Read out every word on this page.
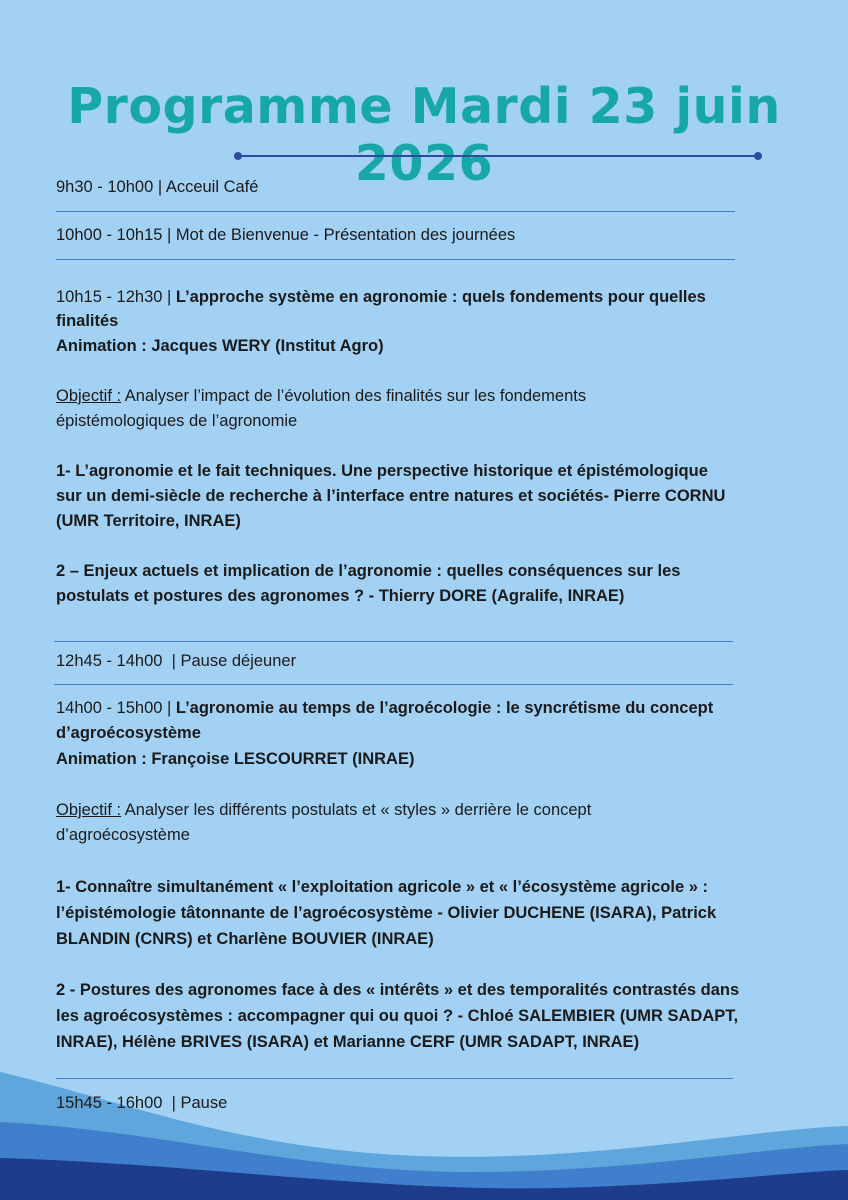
Programme Mardi 23 juin 2026
9h30 - 10h00 | Acceuil Café
10h00 - 10h15 | Mot de Bienvenue - Présentation des journées
10h15 - 12h30 | L’approche système en agronomie : quels fondements pour quelles
finalités
Animation : Jacques WERY (Institut Agro)
Objectif : Analyser l’impact de l’évolution des finalités sur les fondements
épistémologiques de l’agronomie
1- L’agronomie et le fait techniques. Une perspective historique et épistémologique
sur un demi-siècle de recherche à l’interface entre natures et sociétés- Pierre CORNU
(UMR Territoire, INRAE)
2 – Enjeux actuels et implication de l’agronomie : quelles conséquences sur les
postulats et postures des agronomes ? - Thierry DORE (Agralife, INRAE)
12h45 - 14h00  | Pause déjeuner
14h00 - 15h00 | L’agronomie au temps de l’agroécologie : le syncrétisme du concept
d’agroécosystème
Animation : Françoise LESCOURRET (INRAE)
Objectif : Analyser les différents postulats et « styles » derrière le concept
d’agroécosystème
1- Connaître simultanément « l’exploitation agricole » et « l’écosystème agricole » :
l’épistémologie tâtonnante de l’agroécosystème - Olivier DUCHENE (ISARA), Patrick
BLANDIN (CNRS) et Charlène BOUVIER (INRAE)
2 - Postures des agronomes face à des « intérêts » et des temporalités contrastés dans
les agroécosystèmes : accompagner qui ou quoi ? - Chloé SALEMBIER (UMR SADAPT,
INRAE), Hélène BRIVES (ISARA) et Marianne CERF (UMR SADAPT, INRAE)
15h45 - 16h00  | Pause
